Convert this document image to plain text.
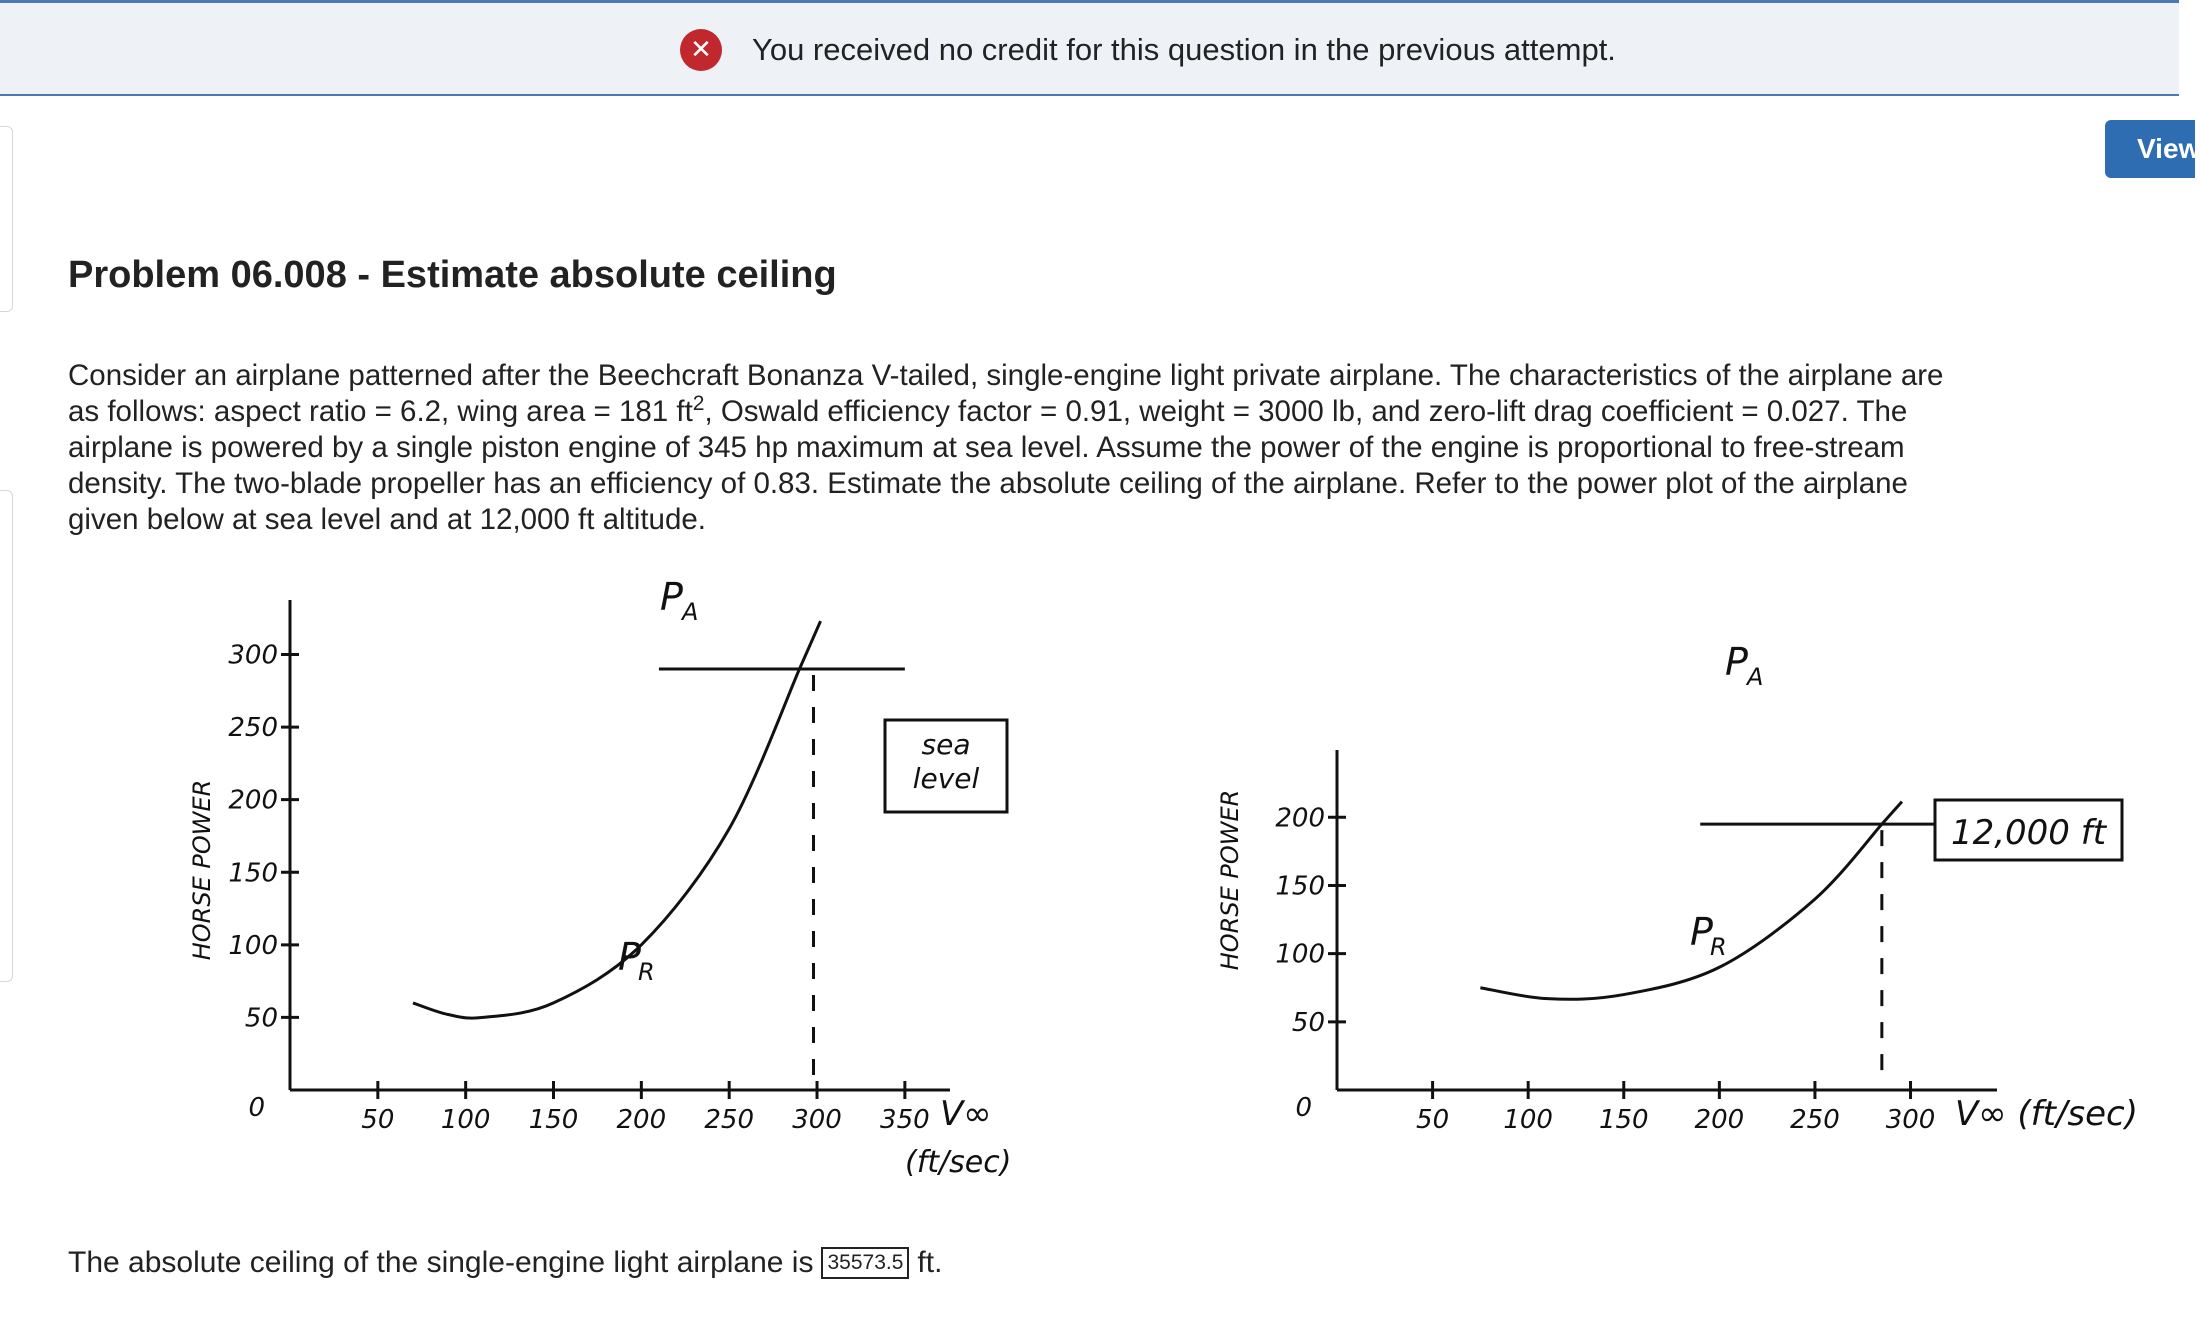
✕	You received no credit for this question in the previous attempt.
View
Problem 06.008 - Estimate absolute ceiling
Consider an airplane patterned after the Beechcraft Bonanza V-tailed, single-engine light private airplane. The characteristics of the airplane are as follows: aspect ratio = 6.2, wing area = 181 $ft^2$, Oswald efficiency factor = 0.91, weight = 3000 lb, and zero-lift drag coefficient = 0.027. The airplane is powered by a single piston engine of 345 hp maximum at sea level. Assume the power of the engine is proportional to free-stream density. The two-blade propeller has an efficiency of 0.83. Estimate the absolute ceiling of the airplane. Refer to the power plot of the airplane given below at sea level and at 12,000 ft altitude.
50
100
150
200
250
300
50 100 150 200 250 300 350
0
HORSE POWER
V∞
(ft/sec)
P A
P
R
sea
level
50
100
150
200
50 100 150 200 250 300
0
HORSE POWER
V∞ (ft/sec)
P A
P
R
12,000 ft
The absolute ceiling of the single-engine light airplane is 35573.5 ft.
